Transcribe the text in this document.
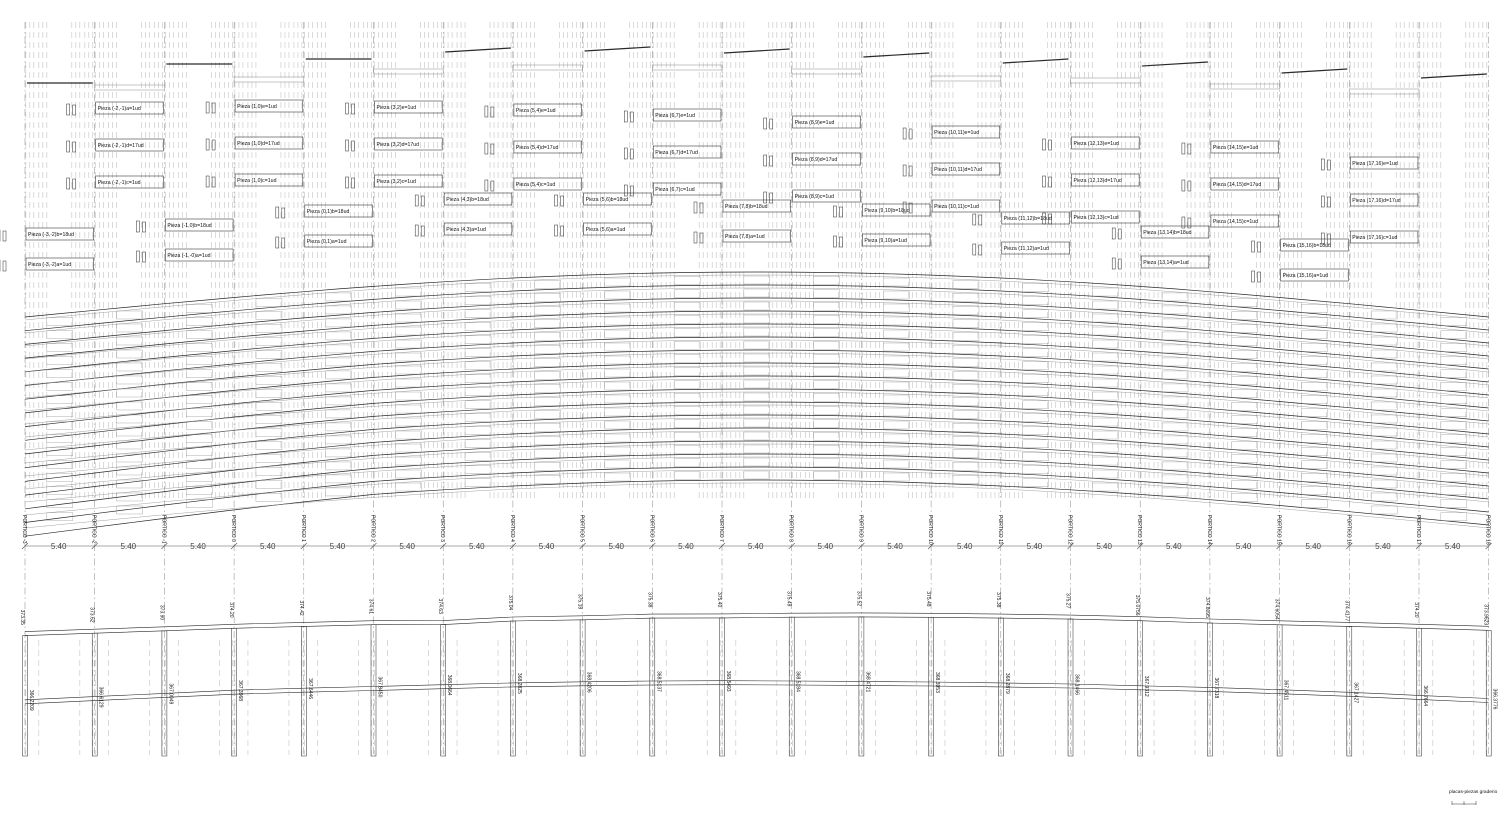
Pieza (-3,-2)b=18ud
Pieza (-3,-2)a=1ud
Pieza (-2,-1)a=1ud
Pieza (-2,-1)d=17ud
Pieza (-2,-1)c=1ud
Pieza (-1,0)b=18ud
Pieza (-1,-0)a=1ud
Pieza (1,0)e=1ud
Pieza (1,0)d=17ud
Pieza (1,0)c=1ud
Pieza (0,1)b=18ud
Pieza (0,1)a=1ud
Pieza (3,2)e=1ud
Pieza (3,2)d=17ud
Pieza (3,2)c=1ud
Pieza (4,3)b=18ud
Pieza (4,3)a=1ud
Pieza (5,4)e=1ud
Pieza (5,4)d=17ud
Pieza (5,4)c=1ud
Pieza (5,6)b=18ud
Pieza (5,6)a=1ud
Pieza (6,7)e=1ud
Pieza (6,7)d=17ud
Pieza (6,7)c=1ud
Pieza (7,8)b=18ud
Pieza (7,8)a=1ud
Pieza (8,9)e=1ud
Pieza (8,9)d=17ud
Pieza (8,9)c=1ud
Pieza (9,10)b=18ud
Pieza (9,10)a=1ud
Pieza (10,11)e=1ud
Pieza (10,11)d=17ud
Pieza (10,11)c=1ud
Pieza (11,12)b=18ud
Pieza (11,12)a=1ud
Pieza (12,13)e=1ud
Pieza (12,13)d=17ud
Pieza (12,13)c=1ud
Pieza (13,14)b=18ud
Pieza (13,14)a=1ud
Pieza (14,15)e=1ud
Pieza (14,15)d=17ud
Pieza (14,15)c=1ud
Pieza (15,16)b=18ud
Pieza (15,16)a=1ud
Pieza (17,16)e=1ud
Pieza (17,16)d=17ud
Pieza (17,16)c=1ud
PORTICO -3	PORTICO -2	PORTICO -1	PORTICO 0	PORTICO 1	PORTICO 2	PORTICO 3	PORTICO 4	PORTICO 5	PORTICO 6	PORTICO 7	PORTICO 8	PORTICO 9	PORTICO 10	PORTICO 11	PORTICO 12	PORTICO 13	PORTICO 14	PORTICO 15	PORTICO 16	PORTICO 17	PORTICO 18
5.40	5.40	5.40	5.40	5.40	5.40	5.40	5.40	5.40	5.40	5.40	5.40	5.40	5.40	5.40	5.40	5.40	5.40	5.40	5.40	5.40
373.35
366.2209
373.62
366.6129
373.90
367.0049
374.20
367.3968
374.42
367.6446
374.61
367.8450
374.63
368.0664
375.04
368.2825
375.18
368.4206
375.38
368.5137
375.40
368.5493
375.49
368.5184
375.52
368.4721
375.48
368.3953
375.38
368.2879
375.27
368.1466
375.0756
367.9312
374.8095
367.7318
374.6054
367.4511
374.4177
367.1427
374.20
366.7664
373.9623
366.3776
placas-piezas graderio
